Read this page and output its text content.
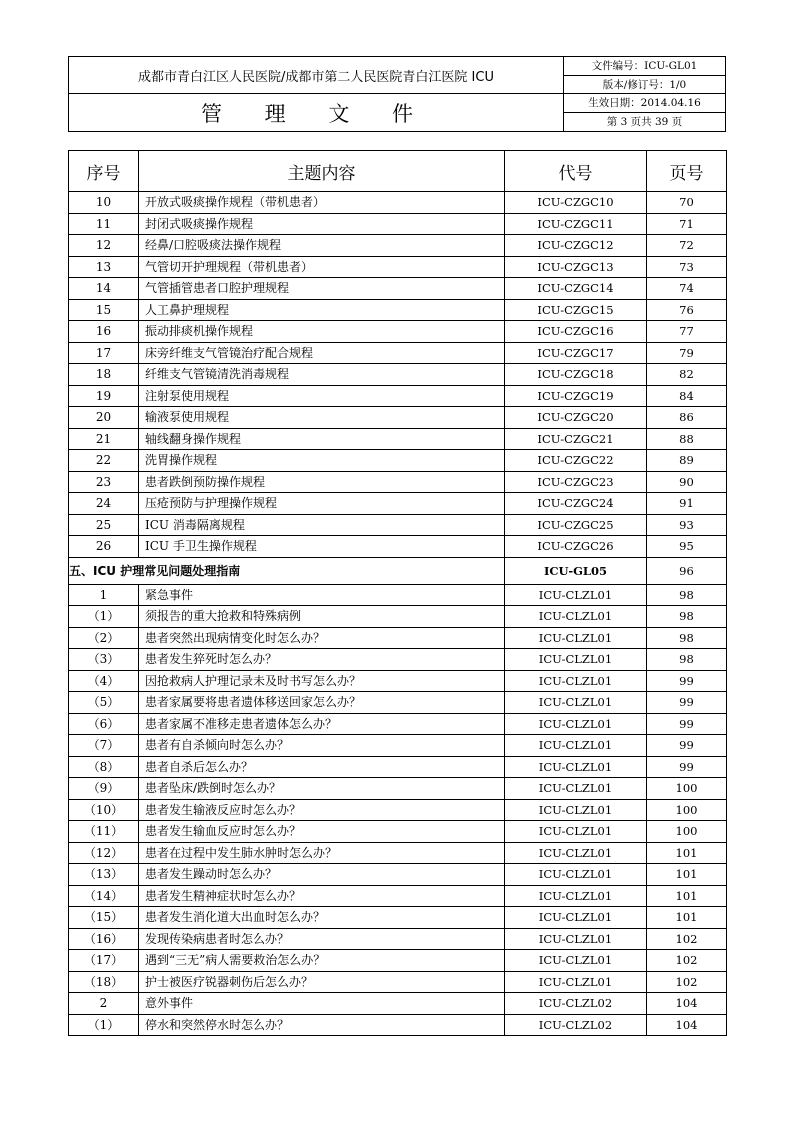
成都市青白江区人民医院/成都市第二人民医院青白江医院 ICU
管 理 文 件
文件编号：ICU-GL01
版本/修订号：1/0
生效日期：2014.04.16
第 3 页共 39 页
序号	主题内容	代号	页号
10	开放式吸痰操作规程（带机患者）	ICU-CZGC10	70
11	封闭式吸痰操作规程	ICU-CZGC11	71
12	经鼻/口腔吸痰法操作规程	ICU-CZGC12	72
13	气管切开护理规程（带机患者）	ICU-CZGC13	73
14	气管插管患者口腔护理规程	ICU-CZGC14	74
15	人工鼻护理规程	ICU-CZGC15	76
16	振动排痰机操作规程	ICU-CZGC16	77
17	床旁纤维支气管镜治疗配合规程	ICU-CZGC17	79
18	纤维支气管镜清洗消毒规程	ICU-CZGC18	82
19	注射泵使用规程	ICU-CZGC19	84
20	输液泵使用规程	ICU-CZGC20	86
21	轴线翻身操作规程	ICU-CZGC21	88
22	洗胃操作规程	ICU-CZGC22	89
23	患者跌倒预防操作规程	ICU-CZGC23	90
24	压疮预防与护理操作规程	ICU-CZGC24	91
25	ICU 消毒隔离规程	ICU-CZGC25	93
26	ICU 手卫生操作规程	ICU-CZGC26	95
五、ICU 护理常见问题处理指南		ICU-GL05	96
1	紧急事件	ICU-CLZL01	98
（1）	须报告的重大抢救和特殊病例	ICU-CLZL01	98
（2）	患者突然出现病情变化时怎么办？	ICU-CLZL01	98
（3）	患者发生猝死时怎么办？	ICU-CLZL01	98
（4）	因抢救病人护理记录未及时书写怎么办？	ICU-CLZL01	99
（5）	患者家属要将患者遗体移送回家怎么办？	ICU-CLZL01	99
（6）	患者家属不准移走患者遗体怎么办？	ICU-CLZL01	99
（7）	患者有自杀倾向时怎么办？	ICU-CLZL01	99
（8）	患者自杀后怎么办？	ICU-CLZL01	99
（9）	患者坠床/跌倒时怎么办？	ICU-CLZL01	100
（10）	患者发生输液反应时怎么办？	ICU-CLZL01	100
（11）	患者发生输血反应时怎么办？	ICU-CLZL01	100
（12）	患者在过程中发生肺水肿时怎么办？	ICU-CLZL01	101
（13）	患者发生躁动时怎么办？	ICU-CLZL01	101
（14）	患者发生精神症状时怎么办？	ICU-CLZL01	101
（15）	患者发生消化道大出血时怎么办？	ICU-CLZL01	101
（16）	发现传染病患者时怎么办？	ICU-CLZL01	102
（17）	遇到“三无”病人需要救治怎么办？	ICU-CLZL01	102
（18）	护士被医疗锐器刺伤后怎么办？	ICU-CLZL01	102
2	意外事件	ICU-CLZL02	104
（1）	停水和突然停水时怎么办？	ICU-CLZL02	104
